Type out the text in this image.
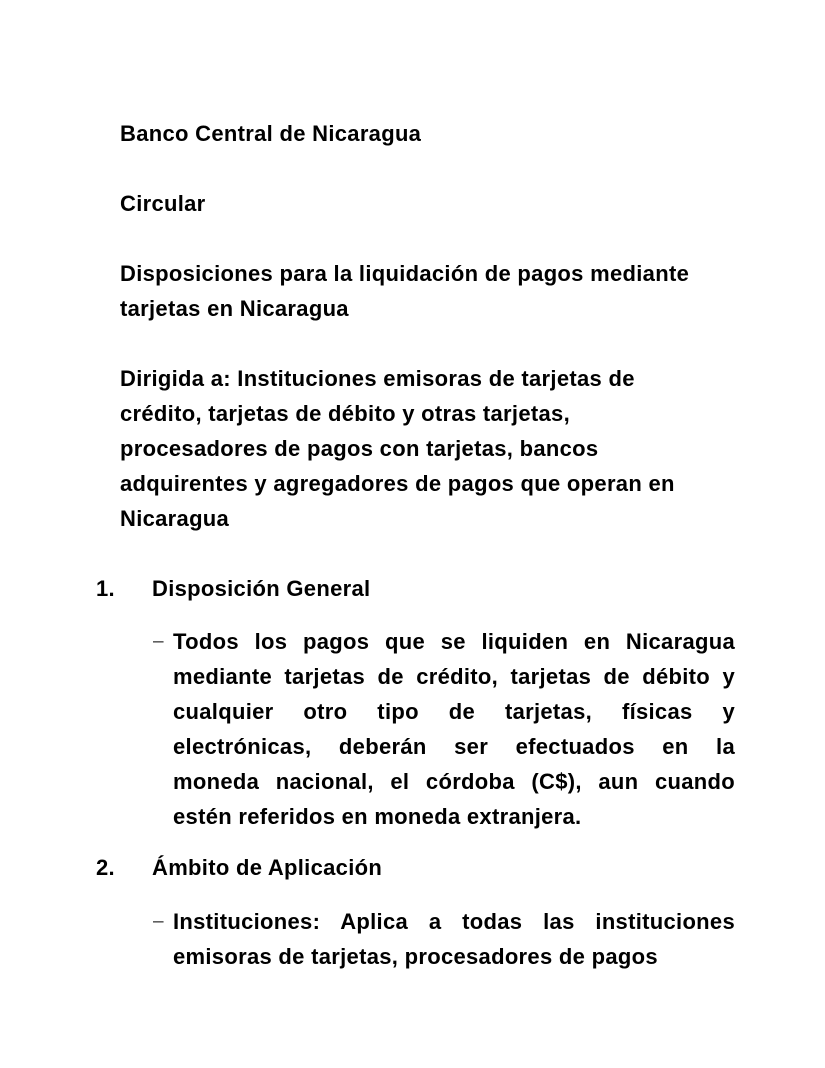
Banco Central de Nicaragua
Circular
Disposiciones para la liquidación de pagos mediante
tarjetas en Nicaragua
Dirigida a: Instituciones emisoras de tarjetas de
crédito, tarjetas de débito y otras tarjetas,
procesadores de pagos con tarjetas, bancos
adquirentes y agregadores de pagos que operan en
Nicaragua
1.	Disposición General
– Todos los pagos que se liquiden en Nicaragua
mediante tarjetas de crédito, tarjetas de débito y
cualquier otro tipo de tarjetas, físicas y
electrónicas, deberán ser efectuados en la
moneda nacional, el córdoba (C$), aun cuando
estén referidos en moneda extranjera.
2.	Ámbito de Aplicación
– Instituciones: Aplica a todas las instituciones
emisoras de tarjetas, procesadores de pagos
